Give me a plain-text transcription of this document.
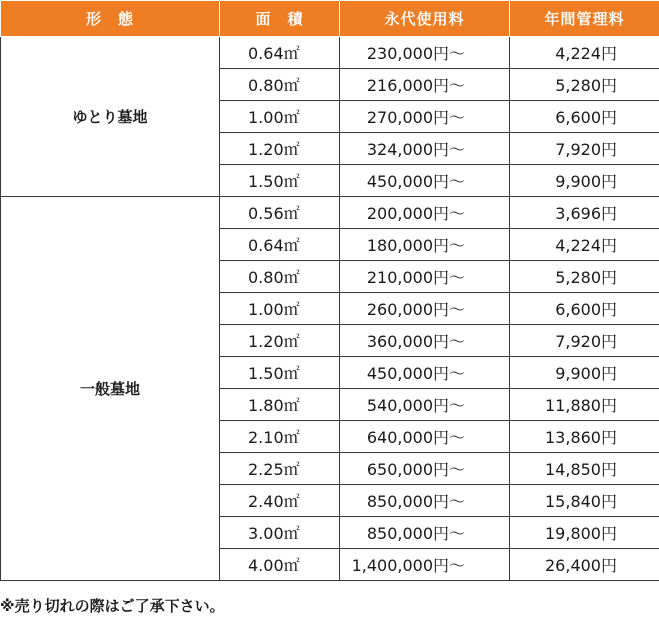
形　態	面　積	永代使用料	年間管理料
ゆとり墓地	0.64㎡	230,000円～	4,224円
	0.80㎡	216,000円～	5,280円
	1.00㎡	270,000円～	6,600円
	1.20㎡	324,000円～	7,920円
	1.50㎡	450,000円～	9,900円
一般墓地	0.56㎡	200,000円～	3,696円
	0.64㎡	180,000円～	4,224円
	0.80㎡	210,000円～	5,280円
	1.00㎡	260,000円～	6,600円
	1.20㎡	360,000円～	7,920円
	1.50㎡	450,000円～	9,900円
	1.80㎡	540,000円～	11,880円
	2.10㎡	640,000円～	13,860円
	2.25㎡	650,000円～	14,850円
	2.40㎡	850,000円～	15,840円
	3.00㎡	850,000円～	19,800円
	4.00㎡	1,400,000円～	26,400円
※売り切れの際はご了承下さい。
